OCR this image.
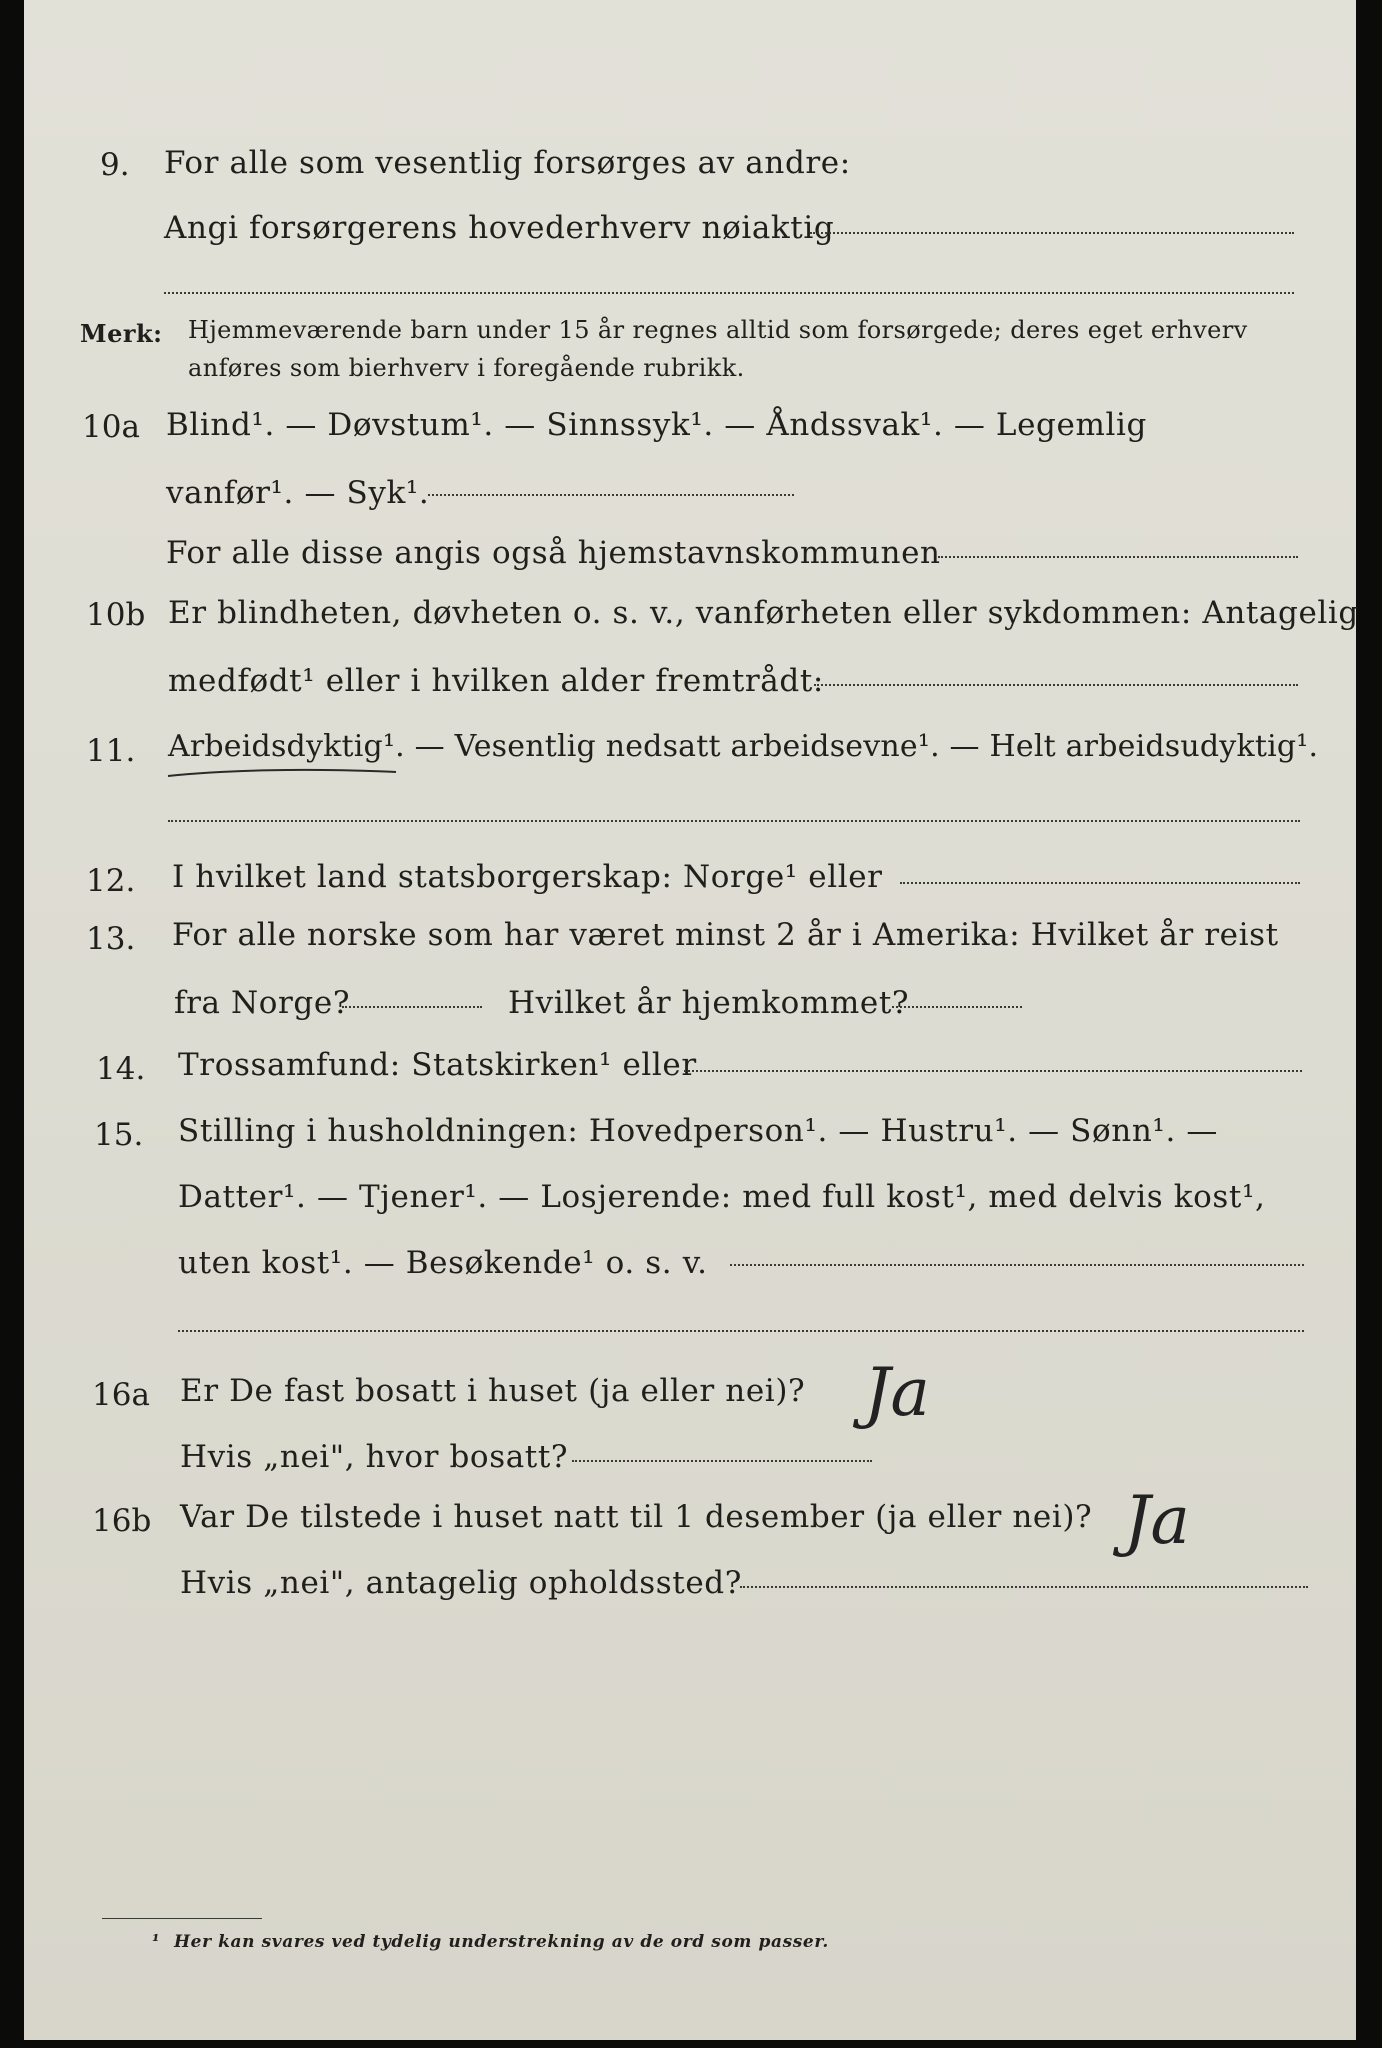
9. For alle som vesentlig forsørges av andre:
Angi forsørgerens hovederhverv nøiaktig
Merk: Hjemmeværende barn under 15 år regnes alltid som forsørgede; deres eget erhverv
anføres som bierhverv i foregående rubrikk.
10a Blind¹. — Døvstum¹. — Sinnssyk¹. — Åndssvak¹. — Legemlig
vanfør¹. — Syk¹.
For alle disse angis også hjemstavnskommunen
10b Er blindheten, døvheten o. s. v., vanførheten eller sykdommen: Antagelig
medfødt¹ eller i hvilken alder fremtrådt:
11. Arbeidsdyktig¹. — Vesentlig nedsatt arbeidsevne¹. — Helt arbeidsudyktig¹.
12. I hvilket land statsborgerskap: Norge¹ eller
13. For alle norske som har været minst 2 år i Amerika: Hvilket år reist
fra Norge?	Hvilket år hjemkommet?
14. Trossamfund: Statskirken¹ eller
15. Stilling i husholdningen: Hovedperson¹. — Hustru¹. — Sønn¹. —
Datter¹. — Tjener¹. — Losjerende: med full kost¹, med delvis kost¹,
uten kost¹. — Besøkende¹ o. s. v.
16a Er De fast bosatt i huset (ja eller nei)? Ja
Hvis „nei", hvor bosatt?
16b Var De tilstede i huset natt til 1 desember (ja eller nei)? Ja
Hvis „nei", antagelig opholdssted?
¹ Her kan svares ved tydelig understrekning av de ord som passer.
